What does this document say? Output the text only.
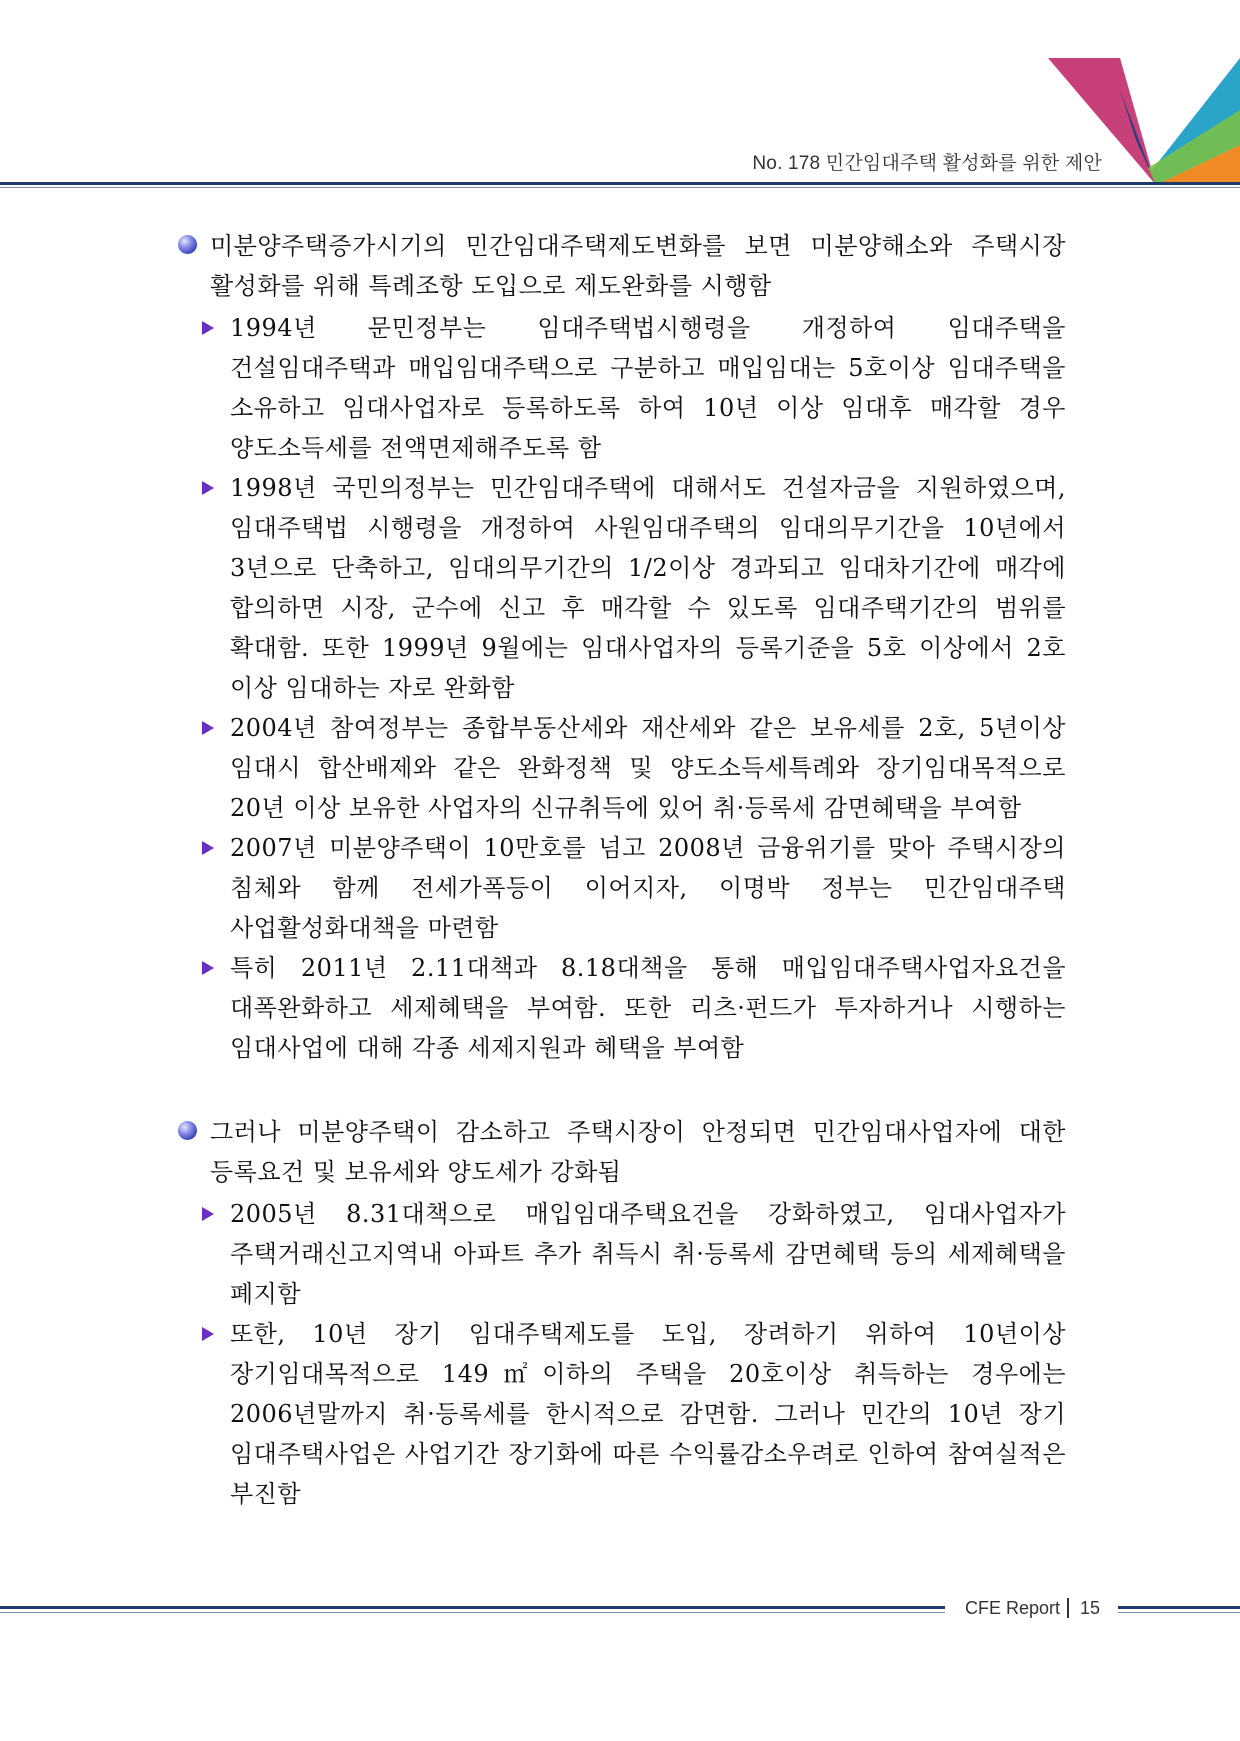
No. 178 민간임대주택 활성화를 위한 제안
미분양주택증가시기의 민간임대주택제도변화를 보면 미분양해소와 주택시장 활성화를 위해 특례조항 도입으로 제도완화를 시행함
1994년 문민정부는 임대주택법시행령을 개정하여 임대주택을 건설임대주택과 매입임대주택으로 구분하고 매입임대는 5호이상 임대주택을 소유하고 임대사업자로 등록하도록 하여 10년 이상 임대후 매각할 경우 양도소득세를 전액면제해주도록 함
1998년 국민의정부는 민간임대주택에 대해서도 건설자금을 지원하였으며, 임대주택법 시행령을 개정하여 사원임대주택의 임대의무기간을 10년에서 3년으로 단축하고, 임대의무기간의 1/2이상 경과되고 임대차기간에 매각에 합의하면 시장, 군수에 신고 후 매각할 수 있도록 임대주택기간의 범위를 확대함. 또한 1999년 9월에는 임대사업자의 등록기준을 5호 이상에서 2호 이상 임대하는 자로 완화함
2004년 참여정부는 종합부동산세와 재산세와 같은 보유세를 2호, 5년이상 임대시 합산배제와 같은 완화정책 및 양도소득세특례와 장기임대목적으로 20년 이상 보유한 사업자의 신규취득에 있어 취·등록세 감면혜택을 부여함
2007년 미분양주택이 10만호를 넘고 2008년 금융위기를 맞아 주택시장의 침체와 함께 전세가폭등이 이어지자, 이명박 정부는 민간임대주택 사업활성화대책을 마련함
특히 2011년 2.11대책과 8.18대책을 통해 매입임대주택사업자요건을 대폭완화하고 세제혜택을 부여함. 또한 리츠·펀드가 투자하거나 시행하는 임대사업에 대해 각종 세제지원과 혜택을 부여함
그러나 미분양주택이 감소하고 주택시장이 안정되면 민간임대사업자에 대한 등록요건 및 보유세와 양도세가 강화됨
2005년 8.31대책으로 매입임대주택요건을 강화하였고, 임대사업자가 주택거래신고지역내 아파트 추가 취득시 취·등록세 감면혜택 등의 세제혜택을 폐지함
또한, 10년 장기 임대주택제도를 도입, 장려하기 위하여 10년이상 장기임대목적으로 149㎡이하의 주택을 20호이상 취득하는 경우에는 2006년말까지 취·등록세를 한시적으로 감면함. 그러나 민간의 10년 장기 임대주택사업은 사업기간 장기화에 따른 수익률감소우려로 인하여 참여실적은 부진함
CFE Report 15
